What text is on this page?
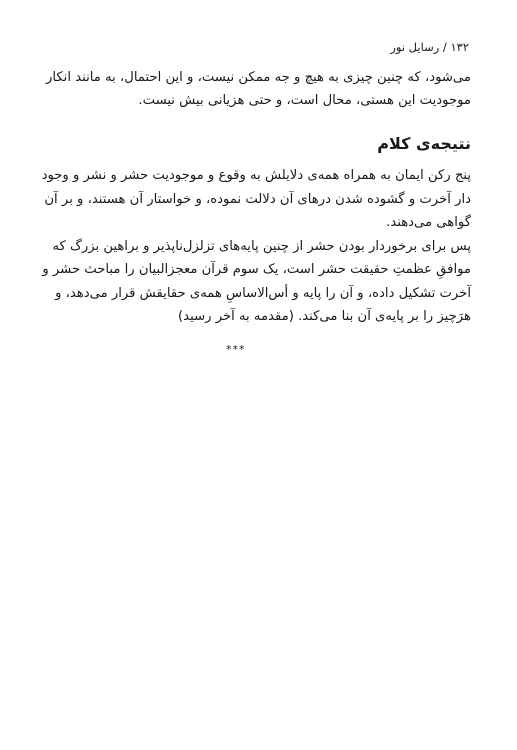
۱۳۲ / رسایل نور
می‌شود، که چنین چیزی به هیچ و جه ممکن نیست، و این احتمال، به مانند انکار
موجودیت این هستی، محال است، و حتی هزیانی بیش نیست.
نتیجه‌ی کلام
پنج رکن ایمان به همراه همه‌ی دلایلش به وقوع و موجودیت حشر و نشر و وجود
دار آخرت و گشوده شدن درهای آن دلالت نموده، و خواستار آن هستند، و بر آن
گواهی می‌دهند.
پس برای برخوردار بودن حشر از چنین پایه‌های تزلزل‌ناپذیر و براهین بزرگ که
موافقِ عظمتِ حقیقت حشر است، یک سوم قرآن معجزالبیان را مباحث حشر و
آخرت تشکیل داده، و آن را پایه و أس‌الاساسِ همه‌ی حقایقش قرار می‌دهد، و
هرَچیز را بر پایه‌ی آن بنا می‌کند. (مقدمه به آخر رسید)
***
